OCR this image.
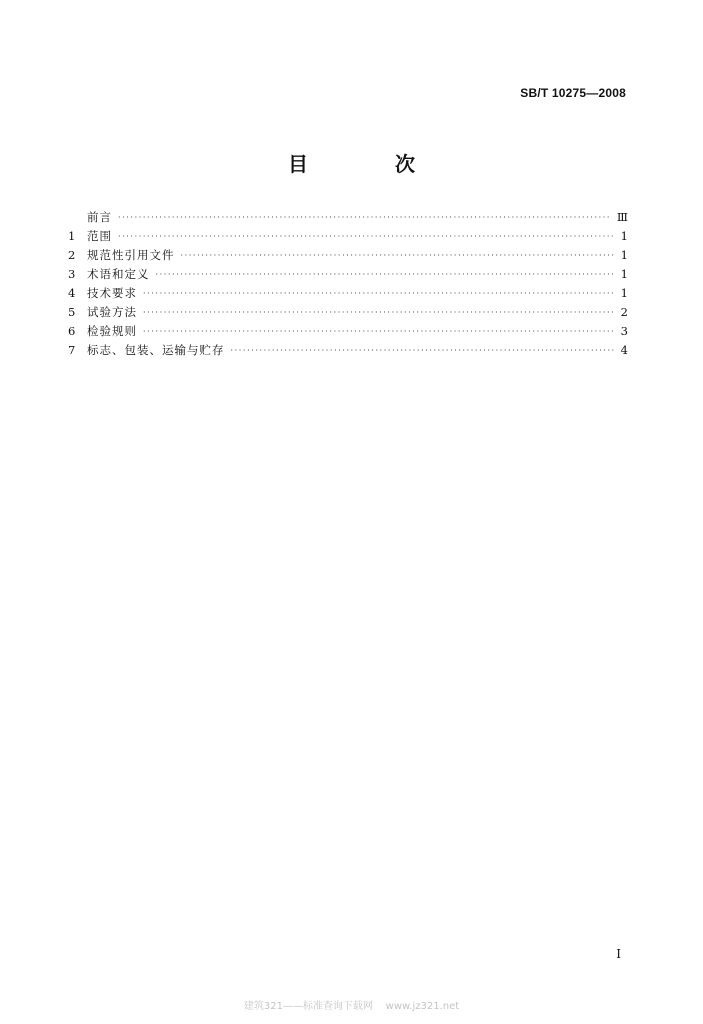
SB/T 10275—2008
目 次
前言 ·····	Ⅲ
1	范围 ·····	1
2	规范性引用文件 ·····	1
3	术语和定义 ·····	1
4	技术要求 ·····	1
5	试验方法 ·····	2
6	检验规则 ·····	3
7	标志、包装、运输与贮存 ·····	4
I
建筑321——标准查询下载网    www.jz321.net
